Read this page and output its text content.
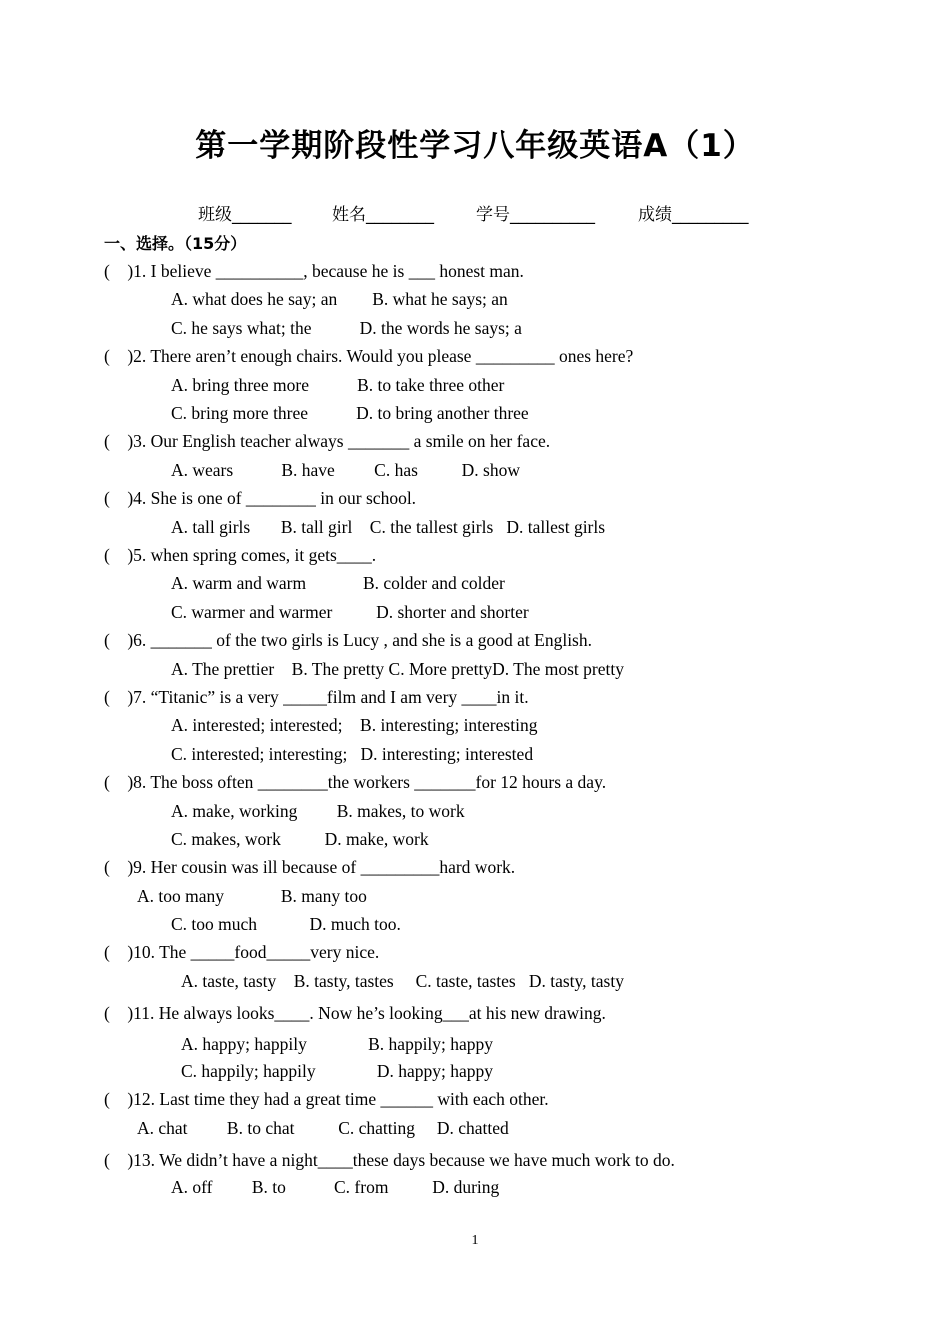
第一学期阶段性学习八年级英语A（1）
班级_______ 姓名________ 学号__________	成绩_________
一、选择。（15分）
(    )1. I believe __________, because he is ___ honest man.
A. what does he say; an        B. what he says; an
C. he says what; the           D. the words he says; a
(    )2. There aren’t enough chairs. Would you please _________ ones here?
A. bring three more           B. to take three other
C. bring more three           D. to bring another three
(    )3. Our English teacher always _______ a smile on her face.
A. wears           B. have         C. has          D. show
(    )4. She is one of ________ in our school.
A. tall girls       B. tall girl    C. the tallest girls   D. tallest girls
(    )5. when spring comes, it gets____.
A. warm and warm             B. colder and colder
C. warmer and warmer          D. shorter and shorter
(    )6. _______ of the two girls is Lucy , and she is a good at English.
A. The prettier    B. The pretty C. More prettyD. The most pretty
(    )7. “Titanic” is a very _____film and I am very ____in it.
A. interested; interested;    B. interesting; interesting
C. interested; interesting;   D. interesting; interested
(    )8. The boss often ________the workers _______for 12 hours a day.
A. make, working         B. makes, to work
C. makes, work          D. make, work
(    )9. Her cousin was ill because of _________hard work.
A. too many             B. many too
C. too much            D. much too.
(    )10. The _____food_____very nice.
A. taste, tasty    B. tasty, tastes     C. taste, tastes   D. tasty, tasty
(    )11. He always looks____. Now he’s looking___at his new drawing.
A. happy; happily              B. happily; happy
C. happily; happily              D. happy; happy
(    )12. Last time they had a great time ______ with each other.
A. chat         B. to chat          C. chatting     D. chatted
(    )13. We didn’t have a night____these days because we have much work to do.
A. off         B. to           C. from          D. during
1
